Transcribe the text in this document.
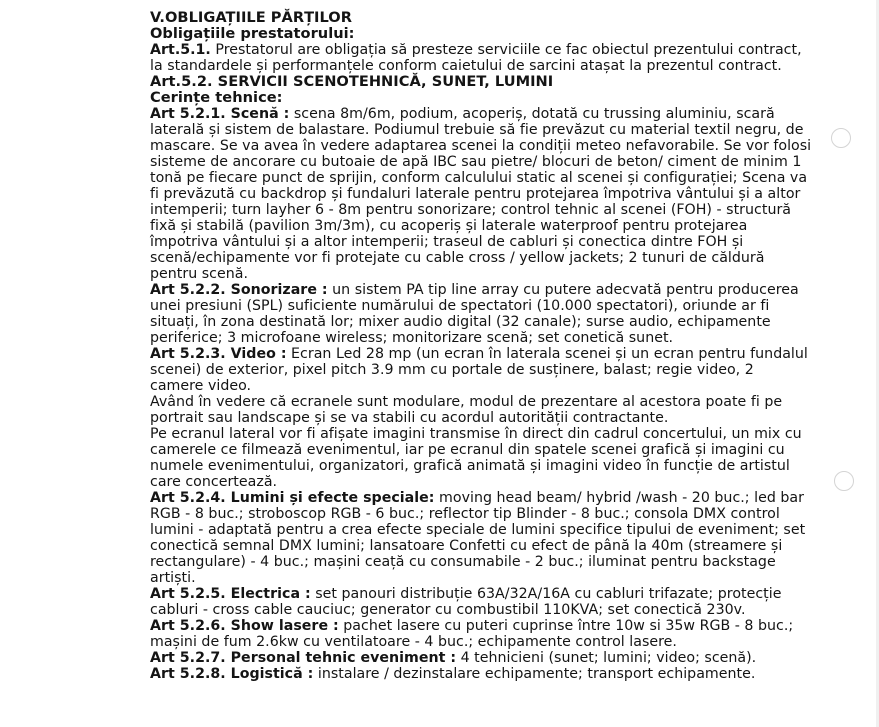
V.OBLIGAȚIILE PĂRȚILOR
Obligațiile prestatorului:
Art.5.1. Prestatorul are obligația să presteze serviciile ce fac obiectul prezentului contract,
la standardele și performanțele conform caietului de sarcini atașat la prezentul contract.
Art.5.2. SERVICII SCENOTEHNICĂ, SUNET, LUMINI
Cerințe tehnice:
Art 5.2.1. Scenă : scena 8m/6m, podium, acoperiș, dotată cu trussing aluminiu, scară
laterală și sistem de balastare. Podiumul trebuie să fie prevăzut cu material textil negru, de
mascare. Se va avea în vedere adaptarea scenei la condiții meteo nefavorabile. Se vor folosi
sisteme de ancorare cu butoaie de apă IBC sau pietre/ blocuri de beton/ ciment de minim 1
tonă pe fiecare punct de sprijin, conform calculului static al scenei și configurației; Scena va
fi prevăzută cu backdrop și fundaluri laterale pentru protejarea împotriva vântului și a altor
intemperii; turn layher 6 - 8m pentru sonorizare; control tehnic al scenei (FOH) - structură
fixă și stabilă (pavilion 3m/3m), cu acoperiș și laterale waterproof pentru protejarea
împotriva vântului și a altor intemperii; traseul de cabluri și conectica dintre FOH și
scenă/echipamente vor fi protejate cu cable cross / yellow jackets; 2 tunuri de căldură
pentru scenă.
Art 5.2.2. Sonorizare : un sistem PA tip line array cu putere adecvată pentru producerea
unei presiuni (SPL) suficiente numărului de spectatori (10.000 spectatori), oriunde ar fi
situați, în zona destinată lor; mixer audio digital (32 canale); surse audio, echipamente
periferice; 3 microfoane wireless; monitorizare scenă; set conetică sunet.
Art 5.2.3. Video : Ecran Led 28 mp (un ecran în laterala scenei și un ecran pentru fundalul
scenei) de exterior, pixel pitch 3.9 mm cu portale de susținere, balast; regie video, 2
camere video.
Având în vedere că ecranele sunt modulare, modul de prezentare al acestora poate fi pe
portrait sau landscape și se va stabili cu acordul autorității contractante.
Pe ecranul lateral vor fi afișate imagini transmise în direct din cadrul concertului, un mix cu
camerele ce filmează evenimentul, iar pe ecranul din spatele scenei grafică și imagini cu
numele evenimentului, organizatori, grafică animată și imagini video în funcție de artistul
care concertează.
Art 5.2.4. Lumini și efecte speciale: moving head beam/ hybrid /wash - 20 buc.; led bar
RGB - 8 buc.; stroboscop RGB - 6 buc.; reflector tip Blinder - 8 buc.; consola DMX control
lumini - adaptată pentru a crea efecte speciale de lumini specifice tipului de eveniment; set
conectică semnal DMX lumini; lansatoare Confetti cu efect de până la 40m (streamere și
rectangulare) - 4 buc.; mașini ceață cu consumabile - 2 buc.; iluminat pentru backstage
artiști.
Art 5.2.5. Electrica : set panouri distribuție 63A/32A/16A cu cabluri trifazate; protecție
cabluri - cross cable cauciuc; generator cu combustibil 110KVA; set conectică 230v.
Art 5.2.6. Show lasere : pachet lasere cu puteri cuprinse între 10w si 35w RGB - 8 buc.;
mașini de fum 2.6kw cu ventilatoare - 4 buc.; echipamente control lasere.
Art 5.2.7. Personal tehnic eveniment : 4 tehnicieni (sunet; lumini; video; scenă).
Art 5.2.8. Logistică : instalare / dezinstalare echipamente; transport echipamente.
